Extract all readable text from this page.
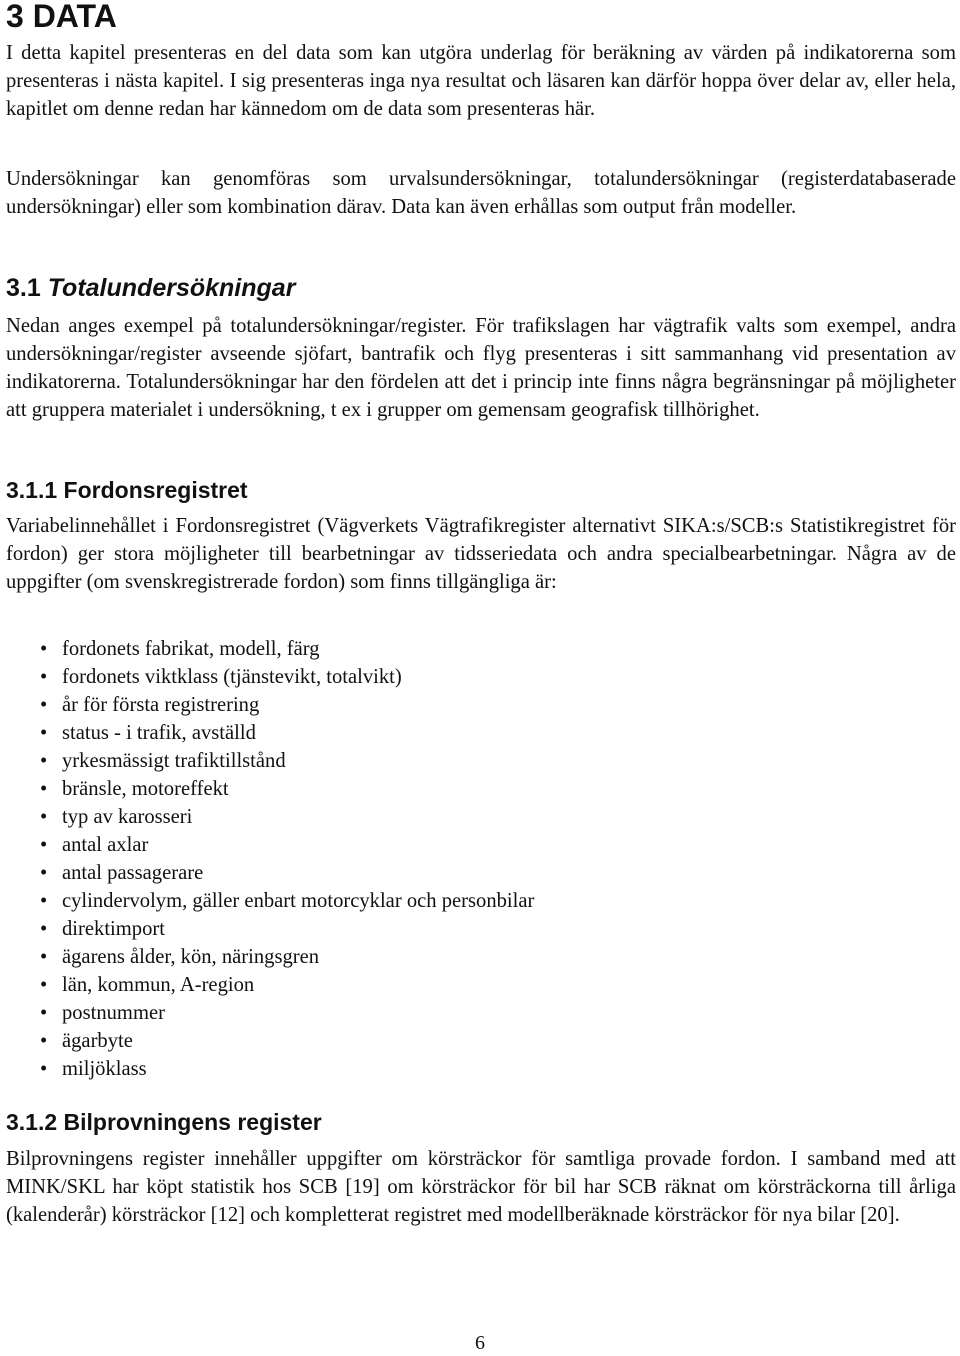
3 DATA

I detta kapitel presenteras en del data som kan utgöra underlag för beräkning av värden på indikatorerna som presenteras i nästa kapitel. I sig presenteras inga nya resultat och läsaren kan därför hoppa över delar av, eller hela, kapitlet om denne redan har kännedom om de data som presenteras här.

Undersökningar kan genomföras som urvalsundersökningar, totalundersökningar (registerdatabaserade undersökningar) eller som kombination därav. Data kan även erhållas som output från modeller.

3.1 Totalundersökningar

Nedan anges exempel på totalundersökningar/register. För trafikslagen har vägtrafik valts som exempel, andra undersökningar/register avseende sjöfart, bantrafik och flyg presenteras i sitt sammanhang vid presentation av indikatorerna. Totalundersökningar har den fördelen att det i princip inte finns några begränsningar på möjligheter att gruppera materialet i undersökning, t ex i grupper om gemensam geografisk tillhörighet.

3.1.1 Fordonsregistret

Variabelinnehållet i Fordonsregistret (Vägverkets Vägtrafikregister alternativt SIKA:s/SCB:s Statistikregistret för fordon) ger stora möjligheter till bearbetningar av tidsseriedata och andra specialbearbetningar. Några av de uppgifter (om svenskregistrerade fordon) som finns tillgängliga är:

• fordonets fabrikat, modell, färg
• fordonets viktklass (tjänstevikt, totalvikt)
• år för första registrering
• status - i trafik, avställd
• yrkesmässigt trafiktillstånd
• bränsle, motoreffekt
• typ av karosseri
• antal axlar
• antal passagerare
• cylindervolym, gäller enbart motorcyklar och personbilar
• direktimport
• ägarens ålder, kön, näringsgren
• län, kommun, A-region
• postnummer
• ägarbyte
• miljöklass
3.1.2 Bilprovningens register

Bilprovningens register innehåller uppgifter om körsträckor för samtliga provade fordon. I samband med att MINK/SKL har köpt statistik hos SCB [19] om körsträckor för bil har SCB räknat om körsträckorna till årliga (kalenderår) körsträckor [12] och kompletterat registret med modellberäknade körsträckor för nya bilar [20].

6
